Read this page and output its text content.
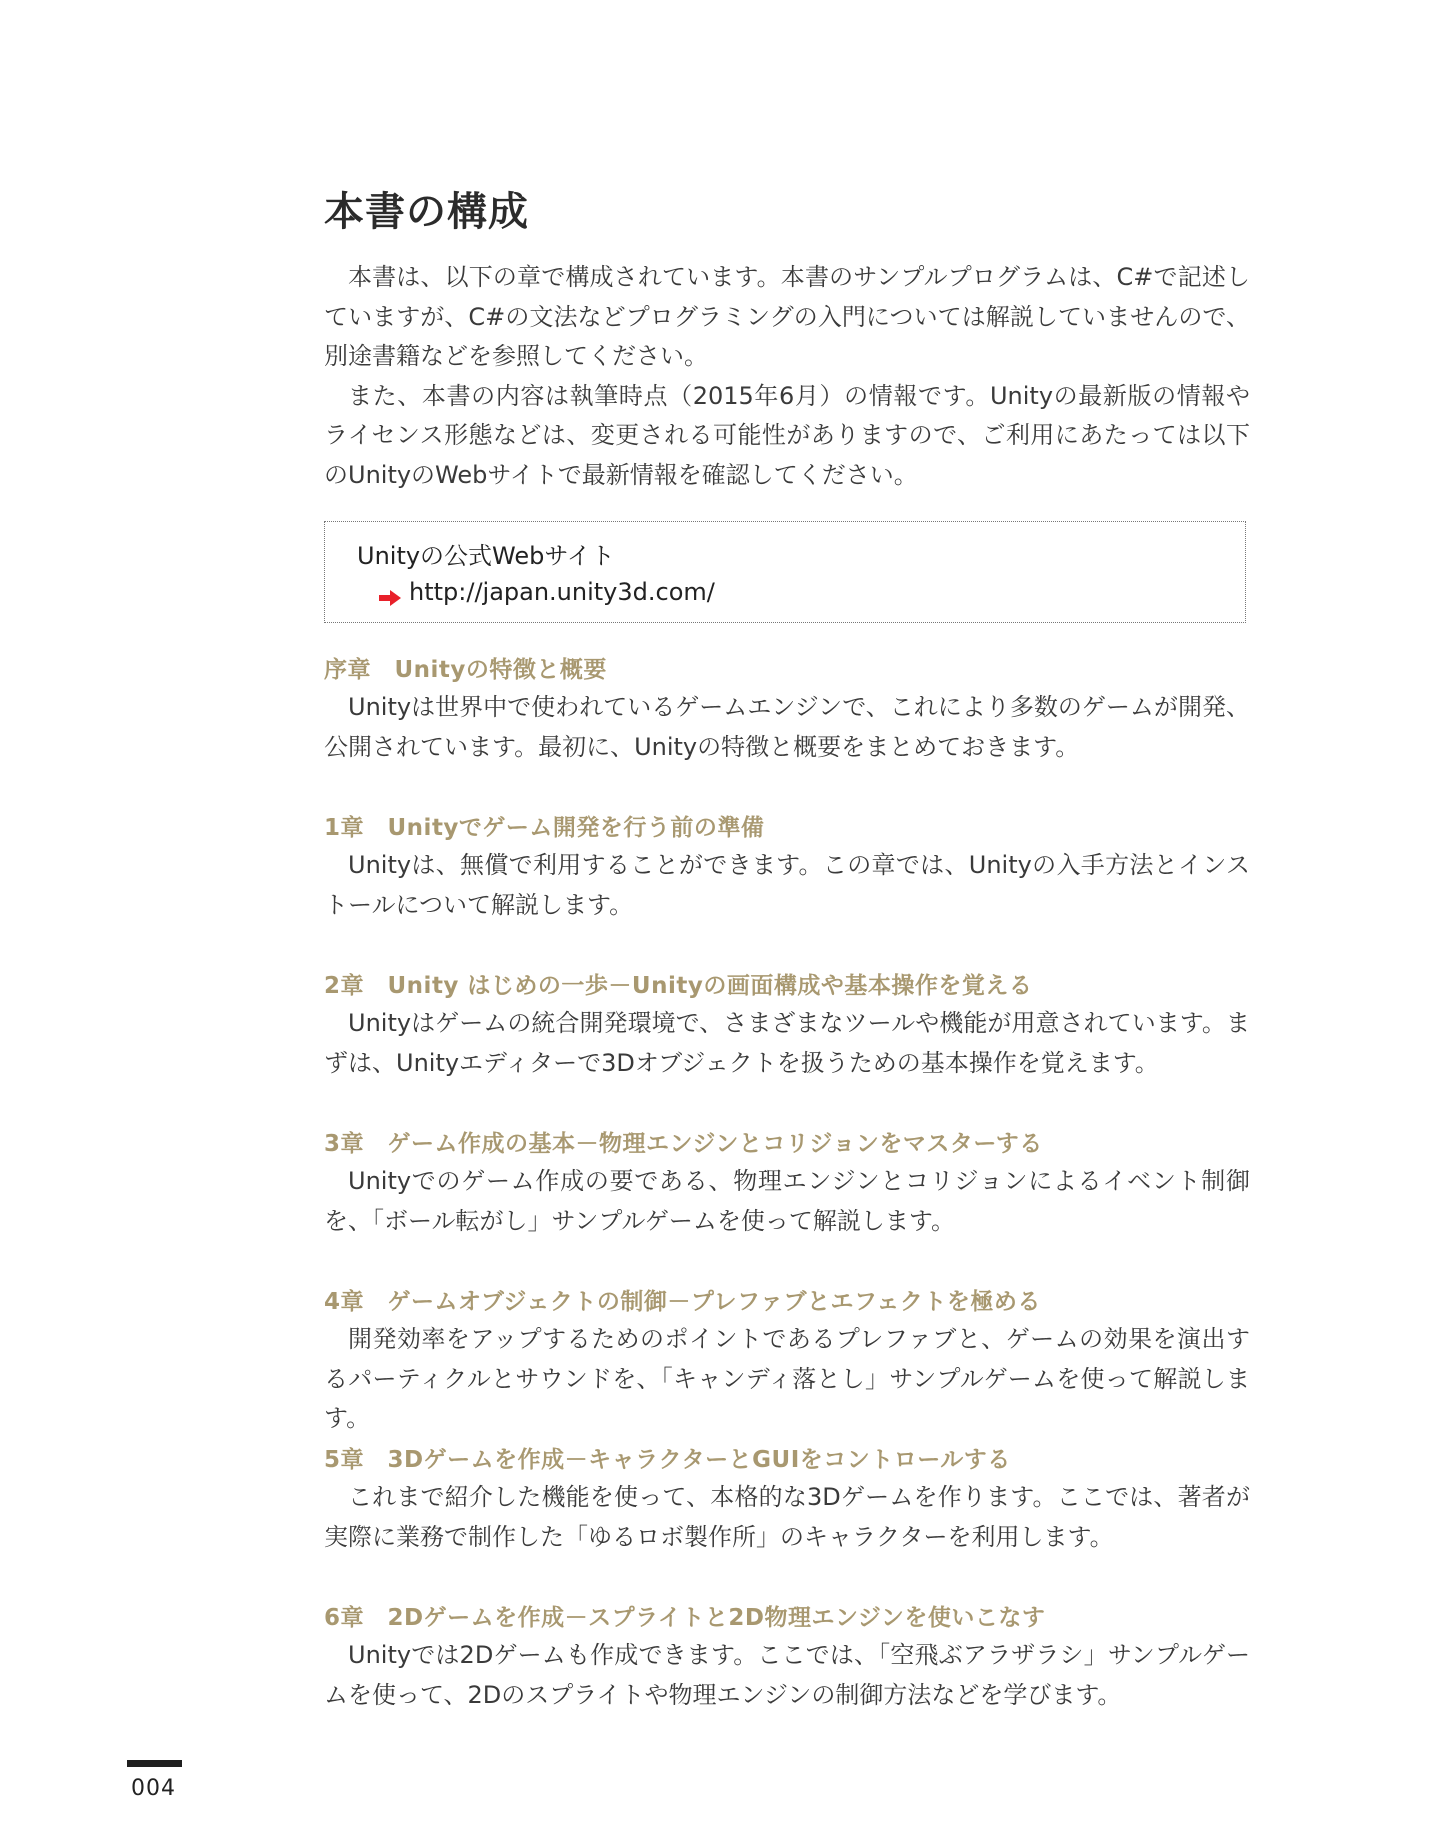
本書の構成

本書は、以下の章で構成されています。本書のサンプルプログラムは、C#で記述していますが、C#の文法などプログラミングの入門については解説していませんので、別途書籍などを参照してください。

また、本書の内容は執筆時点（2015年6月）の情報です。Unityの最新版の情報やライセンス形態などは、変更される可能性がありますので、ご利用にあたっては以下のUnityのWebサイトで最新情報を確認してください。

Unityの公式Webサイト
http://japan.unity3d.com/
序章　Unityの特徴と概要

Unityは世界中で使われているゲームエンジンで、これにより多数のゲームが開発、公開されています。最初に、Unityの特徴と概要をまとめておきます。

1章　Unityでゲーム開発を行う前の準備

Unityは、無償で利用することができます。この章では、Unityの入手方法とインストールについて解説します。

2章　Unity はじめの一歩－Unityの画面構成や基本操作を覚える

Unityはゲームの統合開発環境で、さまざまなツールや機能が用意されています。まずは、Unityエディターで3Dオブジェクトを扱うための基本操作を覚えます。

3章　ゲーム作成の基本－物理エンジンとコリジョンをマスターする

Unityでのゲーム作成の要である、物理エンジンとコリジョンによるイベント制御を、「ボール転がし」サンプルゲームを使って解説します。

4章　ゲームオブジェクトの制御－プレファブとエフェクトを極める

開発効率をアップするためのポイントであるプレファブと、ゲームの効果を演出するパーティクルとサウンドを、「キャンディ落とし」サンプルゲームを使って解説します。

5章　3Dゲームを作成－キャラクターとGUIをコントロールする

これまで紹介した機能を使って、本格的な3Dゲームを作ります。ここでは、著者が実際に業務で制作した「ゆるロボ製作所」のキャラクターを利用します。

6章　2Dゲームを作成－スプライトと2D物理エンジンを使いこなす

Unityでは2Dゲームも作成できます。ここでは、「空飛ぶアラザラシ」サンプルゲームを使って、2Dのスプライトや物理エンジンの制御方法などを学びます。

004
